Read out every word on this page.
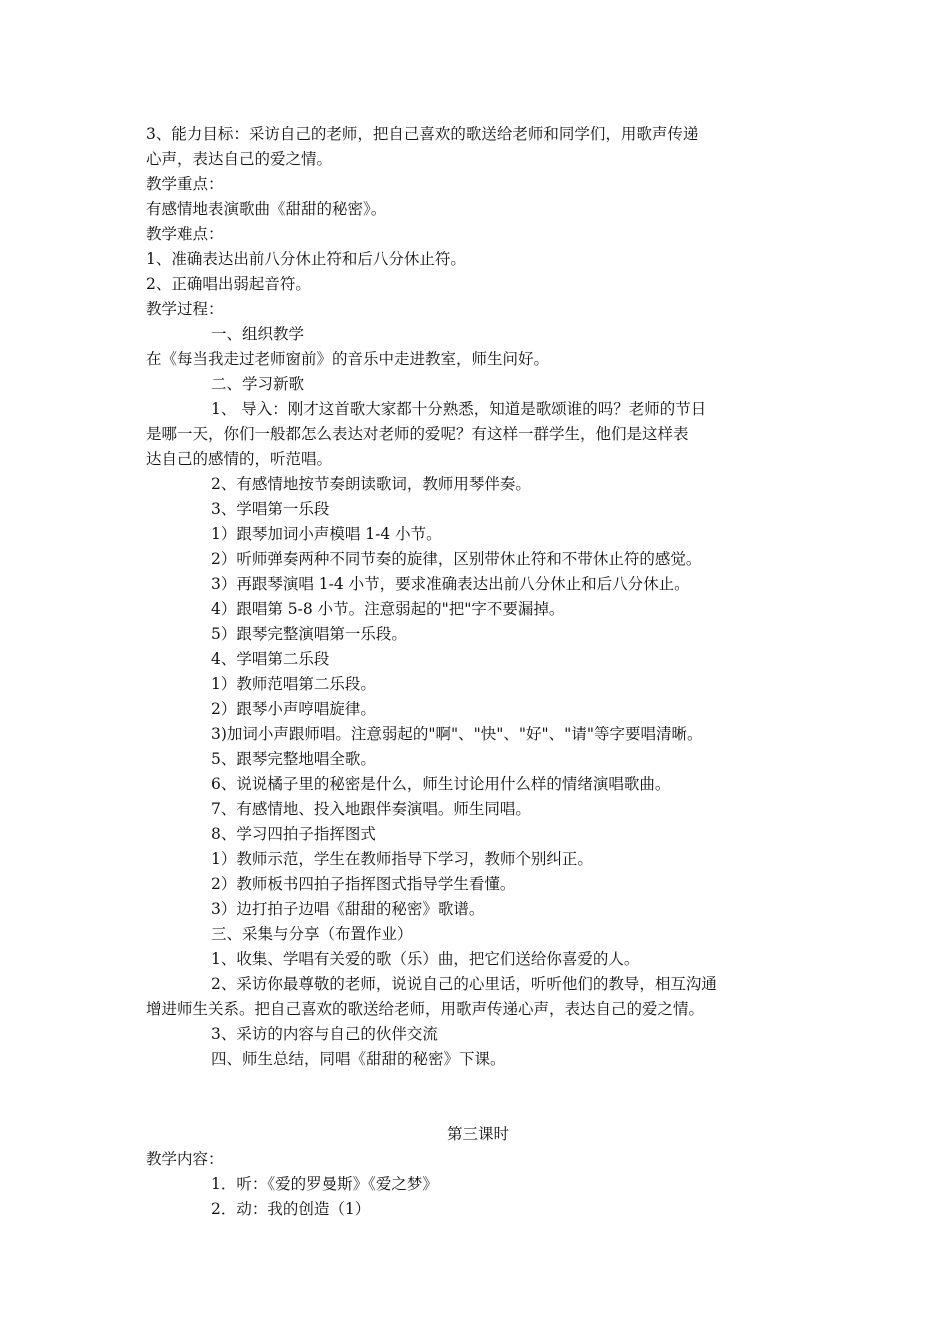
3、能力目标：采访自己的老师，把自己喜欢的歌送给老师和同学们，用歌声传递
心声，表达自己的爱之情。
教学重点：
有感情地表演歌曲《甜甜的秘密》。
教学难点：
1、准确表达出前八分休止符和后八分休止符。
2、正确唱出弱起音符。
教学过程：
一、组织教学
在《每当我走过老师窗前》的音乐中走进教室，师生问好。
二、学习新歌
1、 导入：刚才这首歌大家都十分熟悉，知道是歌颂谁的吗？老师的节日
是哪一天，你们一般都怎么表达对老师的爱呢？有这样一群学生，他们是这样表
达自己的感情的，听范唱。
2、有感情地按节奏朗读歌词，教师用琴伴奏。
3、学唱第一乐段
1）跟琴加词小声模唱 1-4 小节。
2）听师弹奏两种不同节奏的旋律，区别带休止符和不带休止符的感觉。
3）再跟琴演唱 1-4 小节，要求准确表达出前八分休止和后八分休止。
4）跟唱第 5-8 小节。注意弱起的"把"字不要漏掉。
5）跟琴完整演唱第一乐段。
4、学唱第二乐段
1）教师范唱第二乐段。
2）跟琴小声哼唱旋律。
3)加词小声跟师唱。注意弱起的"啊"、"快"、"好"、"请"等字要唱清晰。
5、跟琴完整地唱全歌。
6、说说橘子里的秘密是什么，师生讨论用什么样的情绪演唱歌曲。
7、有感情地、投入地跟伴奏演唱。师生同唱。
8、学习四拍子指挥图式
1）教师示范，学生在教师指导下学习，教师个别纠正。
2）教师板书四拍子指挥图式指导学生看懂。
3）边打拍子边唱《甜甜的秘密》歌谱。
三、采集与分享（布置作业）
1、收集、学唱有关爱的歌（乐）曲，把它们送给你喜爱的人。
2、采访你最尊敬的老师，说说自己的心里话，听听他们的教导，相互沟通
增进师生关系。把自己喜欢的歌送给老师，用歌声传递心声，表达自己的爱之情。
3、采访的内容与自己的伙伴交流
四、师生总结，同唱《甜甜的秘密》下课。
第三课时
教学内容：
1．听：《爱的罗曼斯》《爱之梦》
2．动：我的创造（1）
